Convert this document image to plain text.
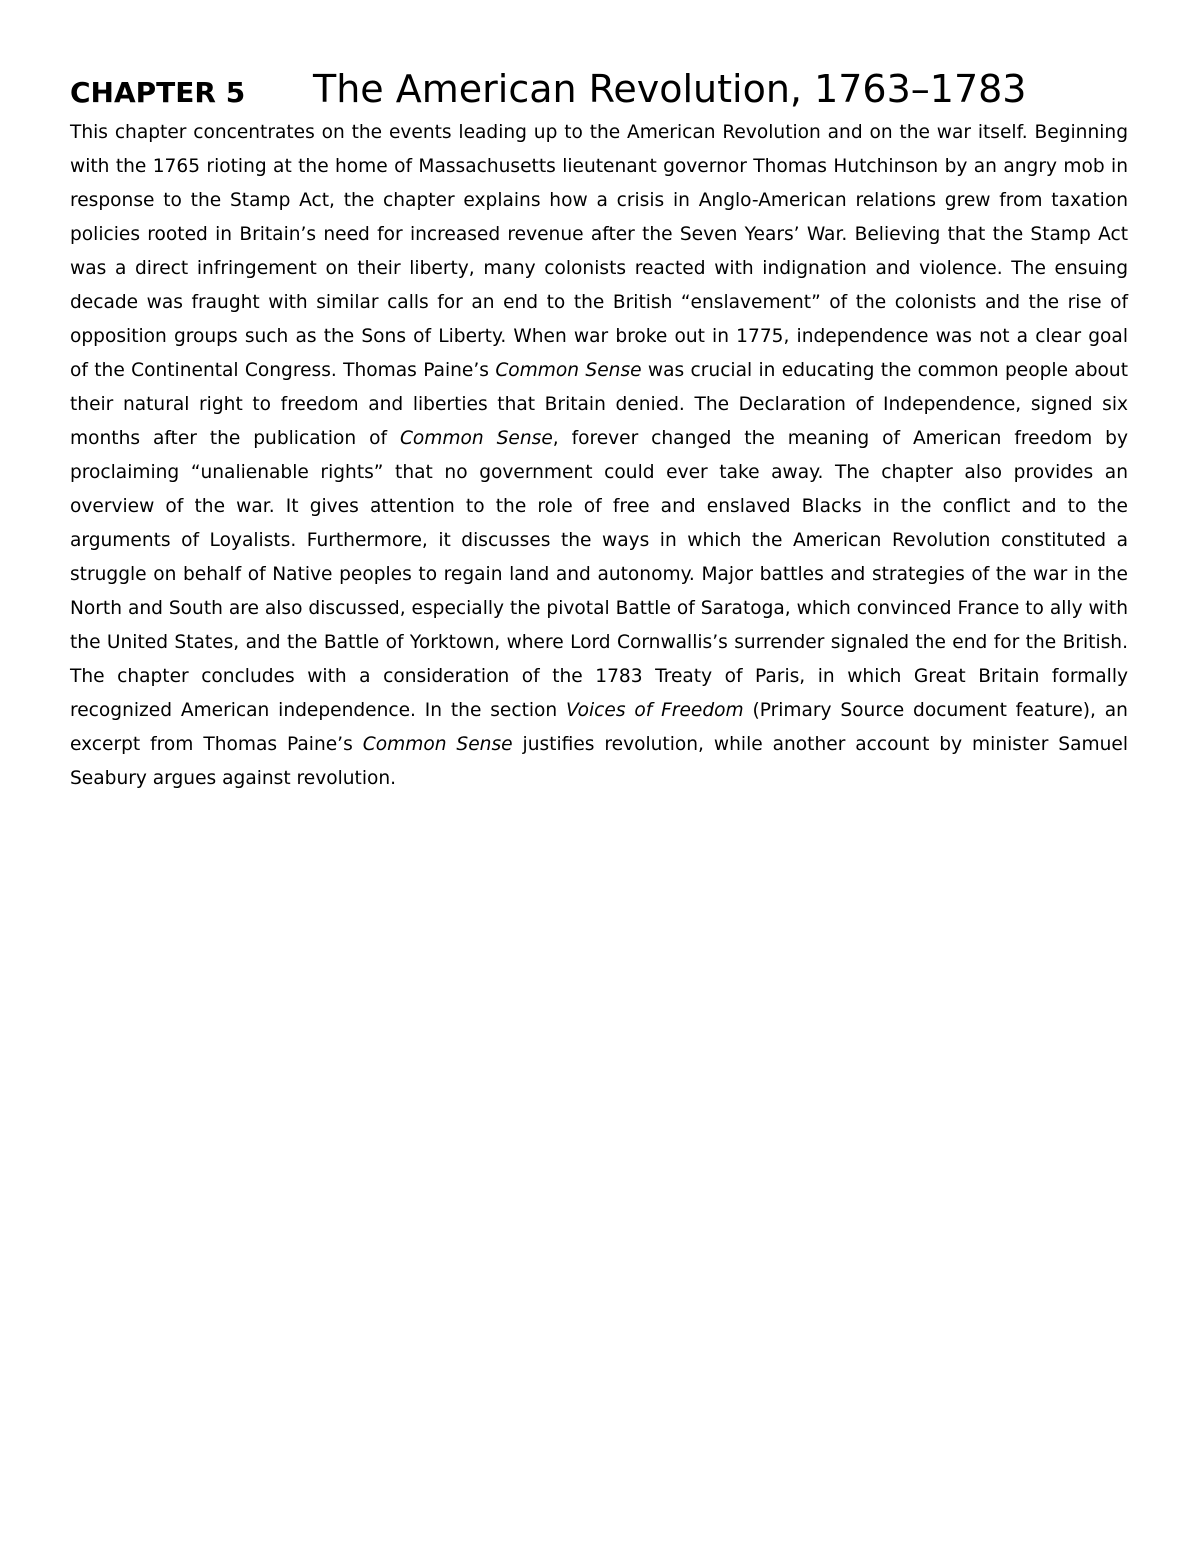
CHAPTER 5	The American Revolution, 1763–1783

This chapter concentrates on the events leading up to the American Revolution and on the war itself. Beginning with the 1765 rioting at the home of Massachusetts lieutenant governor Thomas Hutchinson by an angry mob in response to the Stamp Act, the chapter explains how a crisis in Anglo-American relations grew from taxation policies rooted in Britain’s need for increased revenue after the Seven Years’ War. Believing that the Stamp Act was a direct infringement on their liberty, many colonists reacted with indignation and violence. The ensuing decade was fraught with similar calls for an end to the British “enslavement” of the colonists and the rise of opposition groups such as the Sons of Liberty. When war broke out in 1775, independence was not a clear goal of the Continental Congress. Thomas Paine’s Common Sense was crucial in educating the common people about their natural right to freedom and liberties that Britain denied. The Declaration of Independence, signed six months after the publication of Common Sense, forever changed the meaning of American freedom by proclaiming “unalienable rights” that no government could ever take away. The chapter also provides an overview of the war. It gives attention to the role of free and enslaved Blacks in the conflict and to the arguments of Loyalists. Furthermore, it discusses the ways in which the American Revolution constituted a struggle on behalf of Native peoples to regain land and autonomy. Major battles and strategies of the war in the North and South are also discussed, especially the pivotal Battle of Saratoga, which convinced France to ally with the United States, and the Battle of Yorktown, where Lord Cornwallis’s surrender signaled the end for the British. The chapter concludes with a consideration of the 1783 Treaty of Paris, in which Great Britain formally recognized American independence. In the section Voices of Freedom (Primary Source document feature), an excerpt from Thomas Paine’s Common Sense justifies revolution, while another account by minister Samuel Seabury argues against revolution.
